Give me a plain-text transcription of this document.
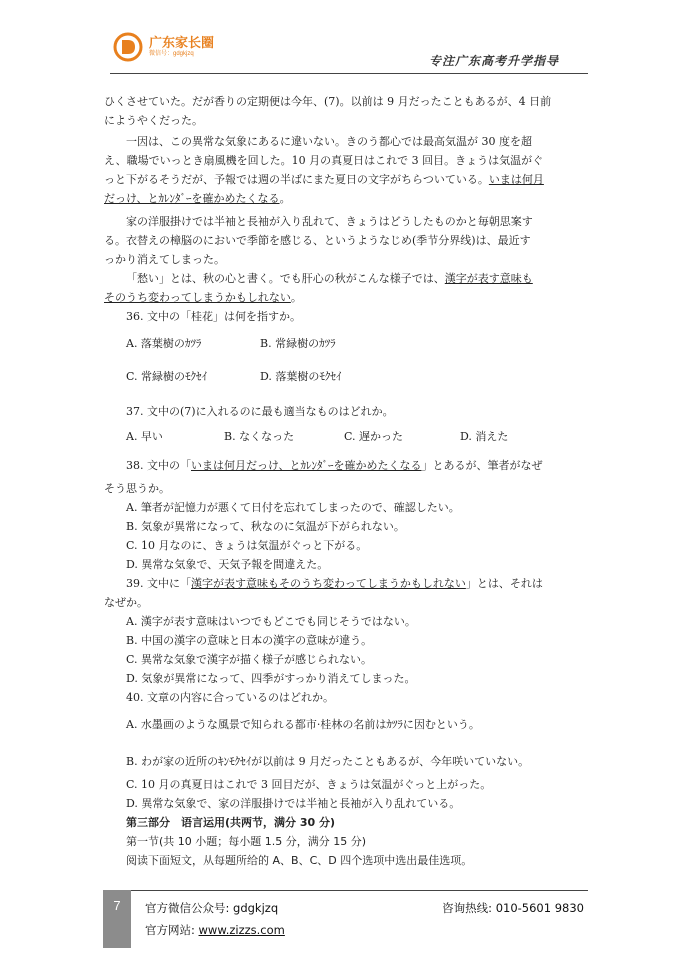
广东家长圈
微信号：gdgkjzq	专注广东高考升学指导

ひくさせていた。だが香りの定期便は今年、(7)。以前は 9 月だったこともあるが、4 日前

にようやくだった。

一因は、この異常な気象にあるに違いない。きのう都心では最高気温が 30 度を超

え、職場でいっとき扇風機を回した。10 月の真夏日はこれで 3 回目。きょうは気温がぐ

っと下がるそうだが、予報では週の半ばにまた夏日の文字がちらついている。いまは何月

だっけ、とｶﾚﾝﾀﾞｰを確かめたくなる。

家の洋服掛けでは半袖と長袖が入り乱れて、きょうはどうしたものかと毎朝思案す

る。衣替えの樟脳のにおいで季節を感じる、というようなじめ(季节分界线)は、最近す

っかり消えてしまった。

「愁い」とは、秋の心と書く。でも肝心の秋がこんな様子では、漢字が表す意味も

そのうち変わってしまうかもしれない。

36. 文中の「桂花」は何を指すか。

A. 落葉樹のｶﾂﾗ	B. 常緑樹のｶﾂﾗ
C. 常緑樹のﾓｸｾｲ	D. 落葉樹のﾓｸｾｲ

37. 文中の(7)に入れるのに最も適当なものはどれか。

A. 早い	B. なくなった	C. 遅かった	D. 消えた

38. 文中の「いまは何月だっけ、とｶﾚﾝﾀﾞｰを確かめたくなる」とあるが、筆者がなぜ

そう思うか。

A. 筆者が記憶力が悪くて日付を忘れてしまったので、確認したい。

B. 気象が異常になって、秋なのに気温が下がられない。

C. 10 月なのに、きょうは気温がぐっと下がる。

D. 異常な気象で、天気予報を間違えた。

39. 文中に「漢字が表す意味もそのうち変わってしまうかもしれない」とは、それは

なぜか。

A. 漢字が表す意味はいつでもどこでも同じそうではない。

B. 中国の漢字の意味と日本の漢字の意味が違う。

C. 異常な気象で漢字が描く様子が感じられない。

D. 気象が異常になって、四季がすっかり消えてしまった。

40. 文章の内容に合っているのはどれか。

A. 水墨画のような風景で知られる都市·桂林の名前はｶﾂﾗに因むという。

B. わが家の近所のｷﾝﾓｸｾｲが以前は 9 月だったこともあるが、今年咲いていない。

C. 10 月の真夏日はこれで 3 回目だが、きょうは気温がぐっと上がった。

D. 異常な気象で、家の洋服掛けでは半袖と長袖が入り乱れている。

第三部分　语言运用(共两节，满分 30 分)

第一节(共 10 小题；每小题 1.5 分，满分 15 分)

阅读下面短文，从每题所给的 A、B、C、D 四个选项中选出最佳选项。

7	官方微信公众号: gdgkjzq	咨询热线: 010-5601 9830
官方网站: www.zizzs.com
